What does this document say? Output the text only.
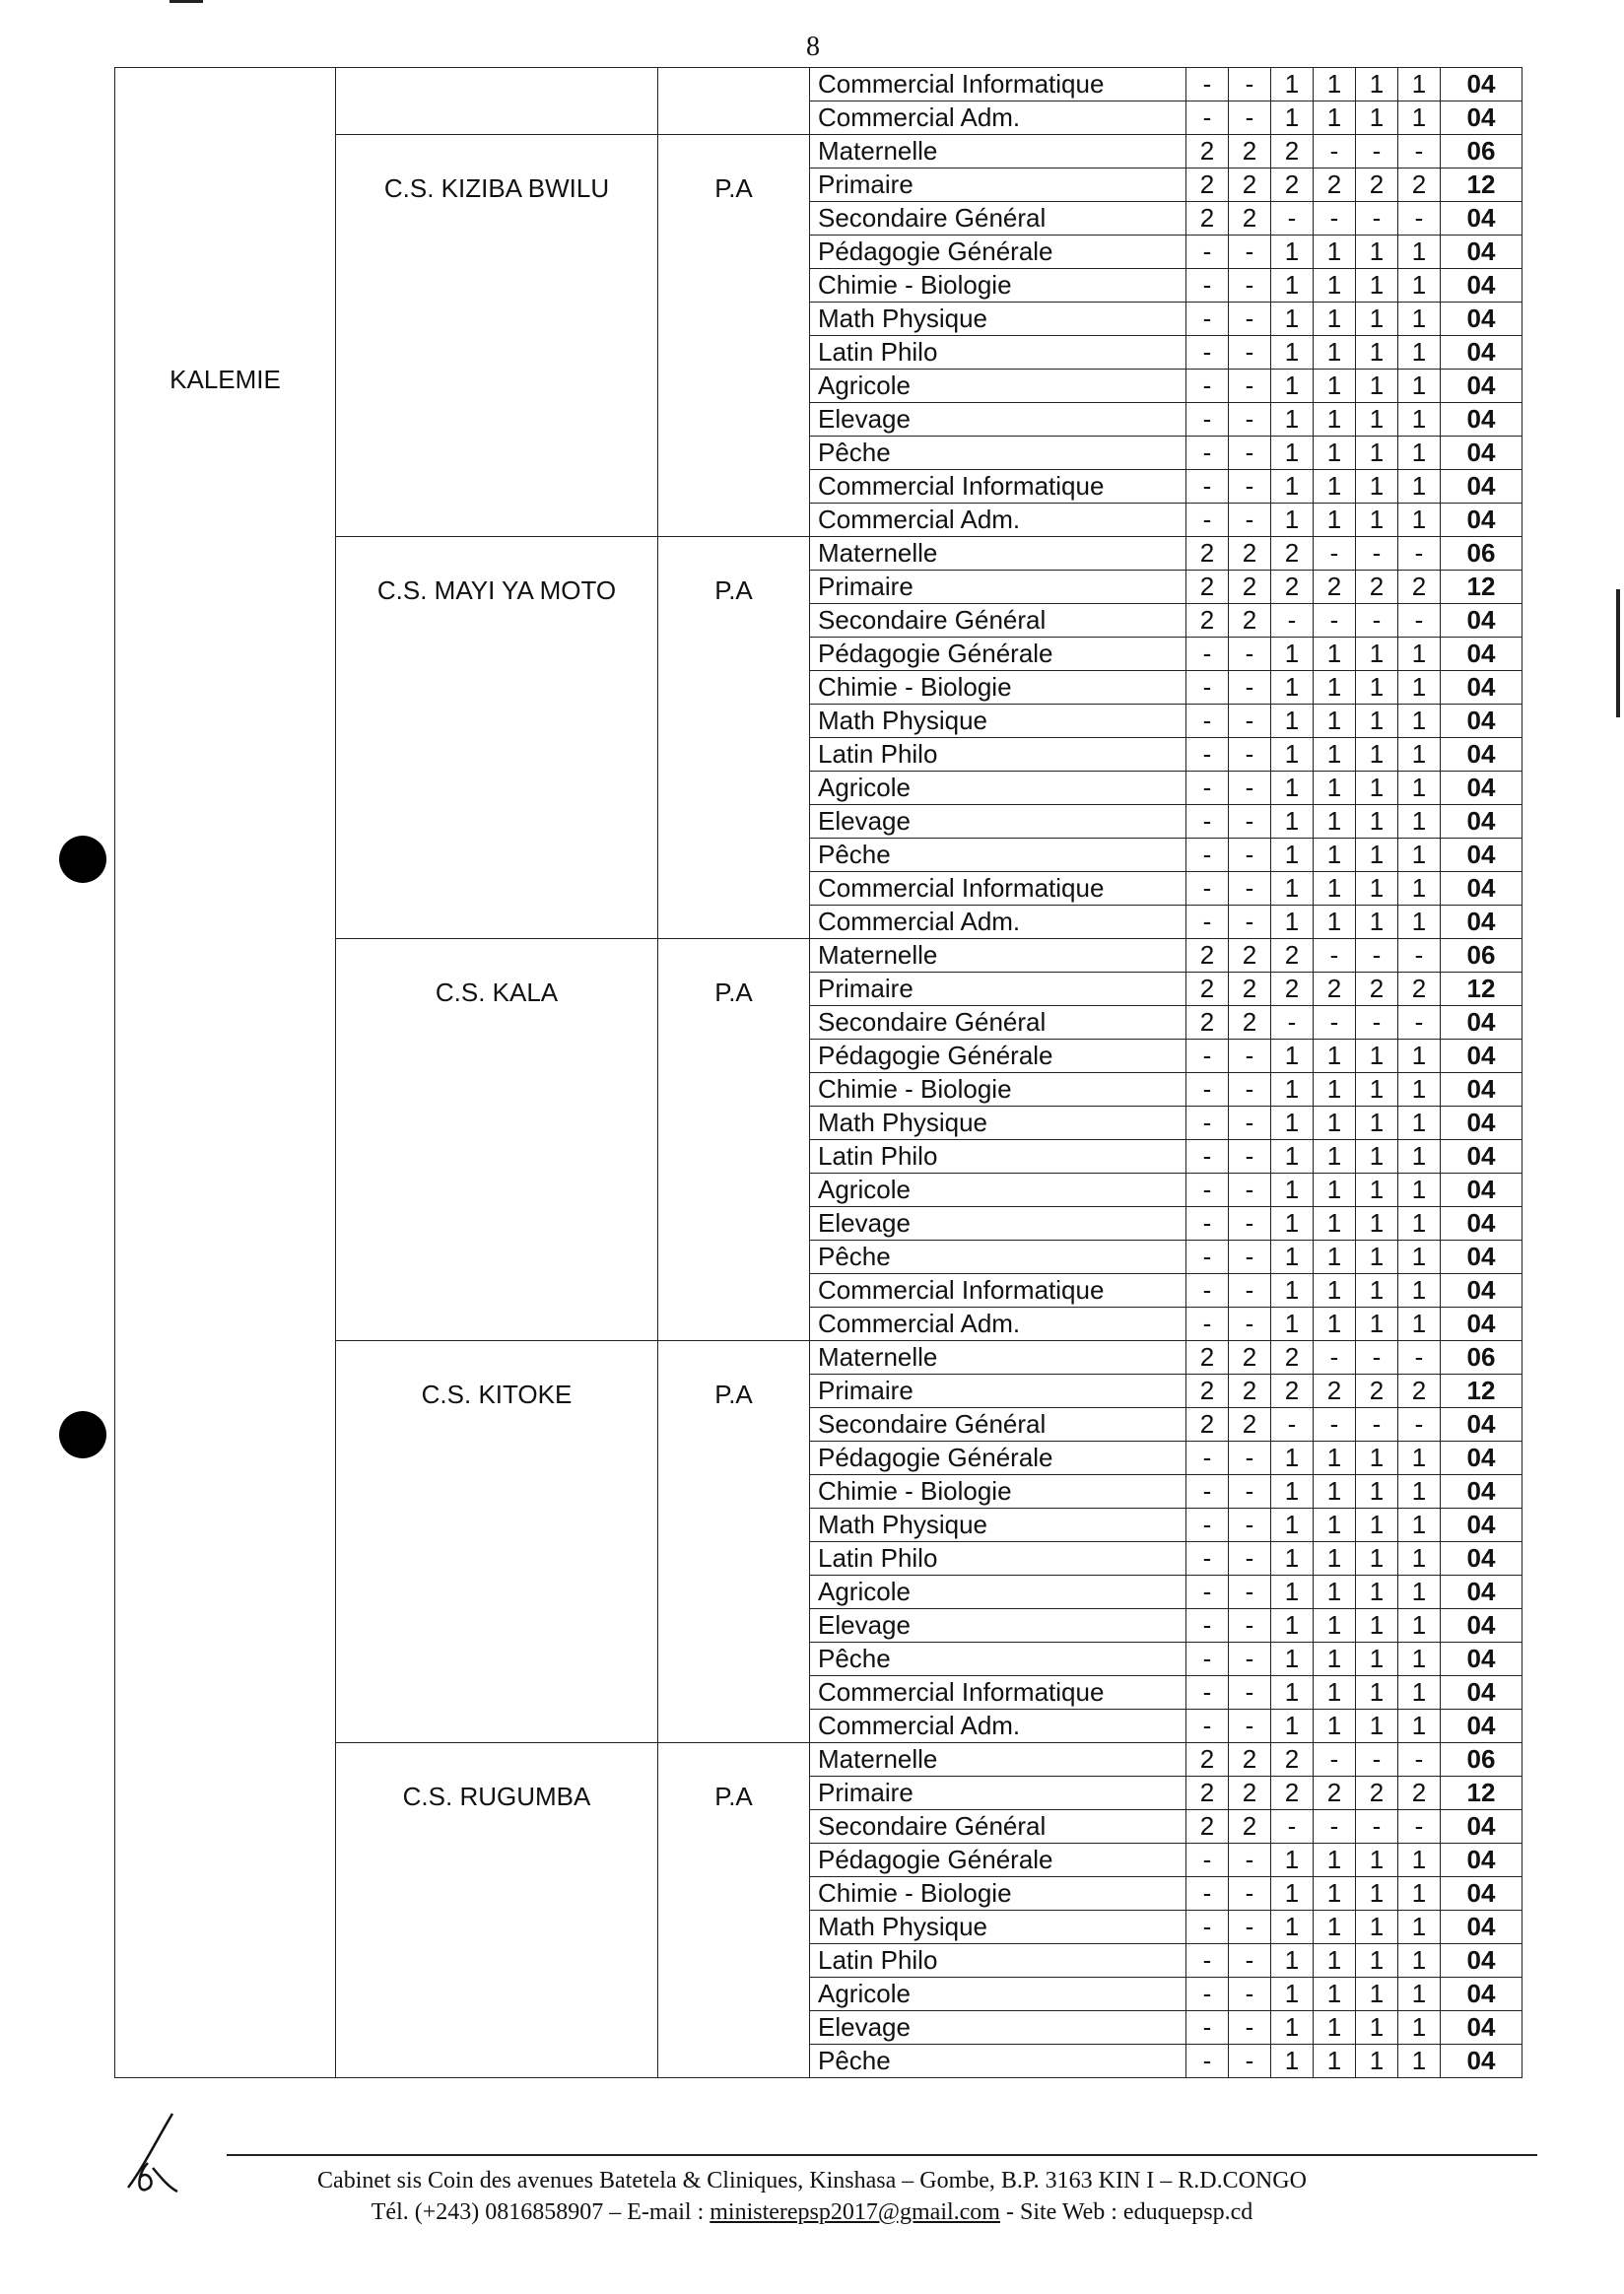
8
KALEMIE			Commercial Informatique	-	-	1	1	1	1	04
			Commercial Adm.	-	-	1	1	1	1	04
	C.S. KIZIBA BWILU	P.A	Maternelle	2	2	2	-	-	-	06
			Primaire	2	2	2	2	2	2	12
			Secondaire Général	2	2	-	-	-	-	04
			Pédagogie Générale	-	-	1	1	1	1	04
			Chimie - Biologie	-	-	1	1	1	1	04
			Math Physique	-	-	1	1	1	1	04
			Latin Philo	-	-	1	1	1	1	04
			Agricole	-	-	1	1	1	1	04
			Elevage	-	-	1	1	1	1	04
			Pêche	-	-	1	1	1	1	04
			Commercial Informatique	-	-	1	1	1	1	04
			Commercial Adm.	-	-	1	1	1	1	04
	C.S. MAYI YA MOTO	P.A	Maternelle	2	2	2	-	-	-	06
			Primaire	2	2	2	2	2	2	12
			Secondaire Général	2	2	-	-	-	-	04
			Pédagogie Générale	-	-	1	1	1	1	04
			Chimie - Biologie	-	-	1	1	1	1	04
			Math Physique	-	-	1	1	1	1	04
			Latin Philo	-	-	1	1	1	1	04
			Agricole	-	-	1	1	1	1	04
			Elevage	-	-	1	1	1	1	04
			Pêche	-	-	1	1	1	1	04
			Commercial Informatique	-	-	1	1	1	1	04
			Commercial Adm.	-	-	1	1	1	1	04
	C.S. KALA	P.A	Maternelle	2	2	2	-	-	-	06
			Primaire	2	2	2	2	2	2	12
			Secondaire Général	2	2	-	-	-	-	04
			Pédagogie Générale	-	-	1	1	1	1	04
			Chimie - Biologie	-	-	1	1	1	1	04
			Math Physique	-	-	1	1	1	1	04
			Latin Philo	-	-	1	1	1	1	04
			Agricole	-	-	1	1	1	1	04
			Elevage	-	-	1	1	1	1	04
			Pêche	-	-	1	1	1	1	04
			Commercial Informatique	-	-	1	1	1	1	04
			Commercial Adm.	-	-	1	1	1	1	04
	C.S. KITOKE	P.A	Maternelle	2	2	2	-	-	-	06
			Primaire	2	2	2	2	2	2	12
			Secondaire Général	2	2	-	-	-	-	04
			Pédagogie Générale	-	-	1	1	1	1	04
			Chimie - Biologie	-	-	1	1	1	1	04
			Math Physique	-	-	1	1	1	1	04
			Latin Philo	-	-	1	1	1	1	04
			Agricole	-	-	1	1	1	1	04
			Elevage	-	-	1	1	1	1	04
			Pêche	-	-	1	1	1	1	04
			Commercial Informatique	-	-	1	1	1	1	04
			Commercial Adm.	-	-	1	1	1	1	04
	C.S. RUGUMBA	P.A	Maternelle	2	2	2	-	-	-	06
			Primaire	2	2	2	2	2	2	12
			Secondaire Général	2	2	-	-	-	-	04
			Pédagogie Générale	-	-	1	1	1	1	04
			Chimie - Biologie	-	-	1	1	1	1	04
			Math Physique	-	-	1	1	1	1	04
			Latin Philo	-	-	1	1	1	1	04
			Agricole	-	-	1	1	1	1	04
			Elevage	-	-	1	1	1	1	04
			Pêche	-	-	1	1	1	1	04
Cabinet sis Coin des avenues Batetela & Cliniques, Kinshasa – Gombe, B.P. 3163 KIN I – R.D.CONGO
Tél. (+243) 0816858907 – E-mail : ministerepsp2017@gmail.com - Site Web : eduquepsp.cd
